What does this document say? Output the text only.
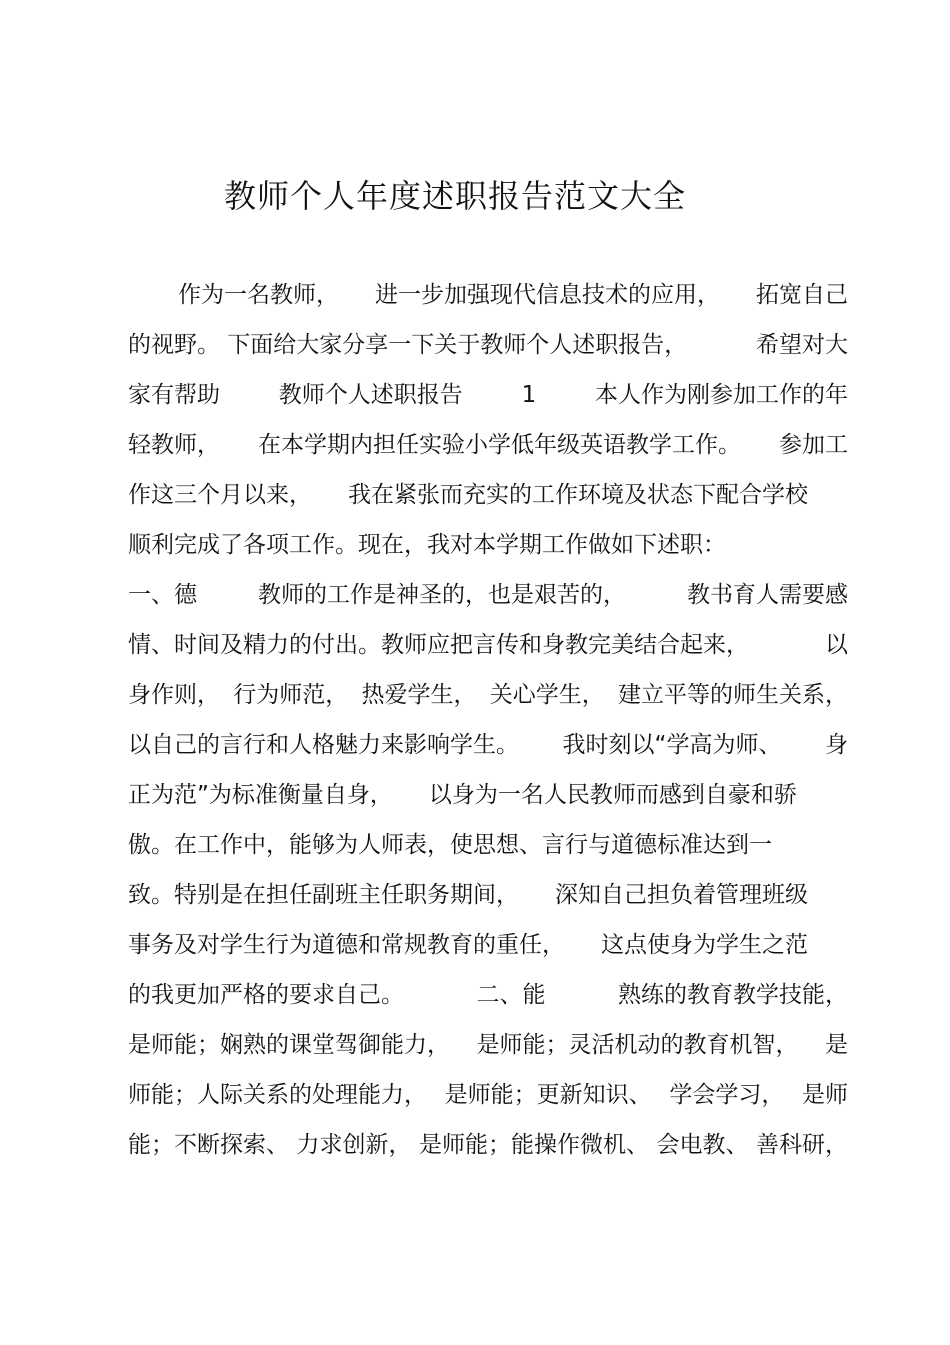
教师个人年度述职报告范文大全
作为一名教师， 进一步加强现代信息技术的应用， 拓宽自己
的视野。 下面给大家分享一下关于教师个人述职报告，	希望对大
家有帮助	教师个人述职报告	1	本人作为刚参加工作的年
轻教师， 在本学期内担任实验小学低年级英语教学工作。 参加工
作这三个月以来， 我在紧张而充实的工作环境及状态下配合学校
顺利完成了各项工作。现在，我对本学期工作做如下述职：
一、德	教师的工作是神圣的，也是艰苦的，	教书育人需要感
情、时间及精力的付出。教师应把言传和身教完美结合起来，	以
身作则， 行为师范， 热爱学生， 关心学生， 建立平等的师生关系，
以自己的言行和人格魅力来影响学生。 我时刻以“学高为师、 身
正为范”为标准衡量自身， 以身为一名人民教师而感到自豪和骄
傲。在工作中，能够为人师表，使思想、言行与道德标准达到一
致。特别是在担任副班主任职务期间， 深知自己担负着管理班级
事务及对学生行为道德和常规教育的重任， 这点使身为学生之范
的我更加严格的要求自己。	二、能	熟练的教育教学技能，
是师能；娴熟的课堂驾御能力， 是师能；灵活机动的教育机智， 是
师能；人际关系的处理能力， 是师能；更新知识、 学会学习， 是师
能；不断探索、 力求创新， 是师能；能操作微机、 会电教、 善科研，
